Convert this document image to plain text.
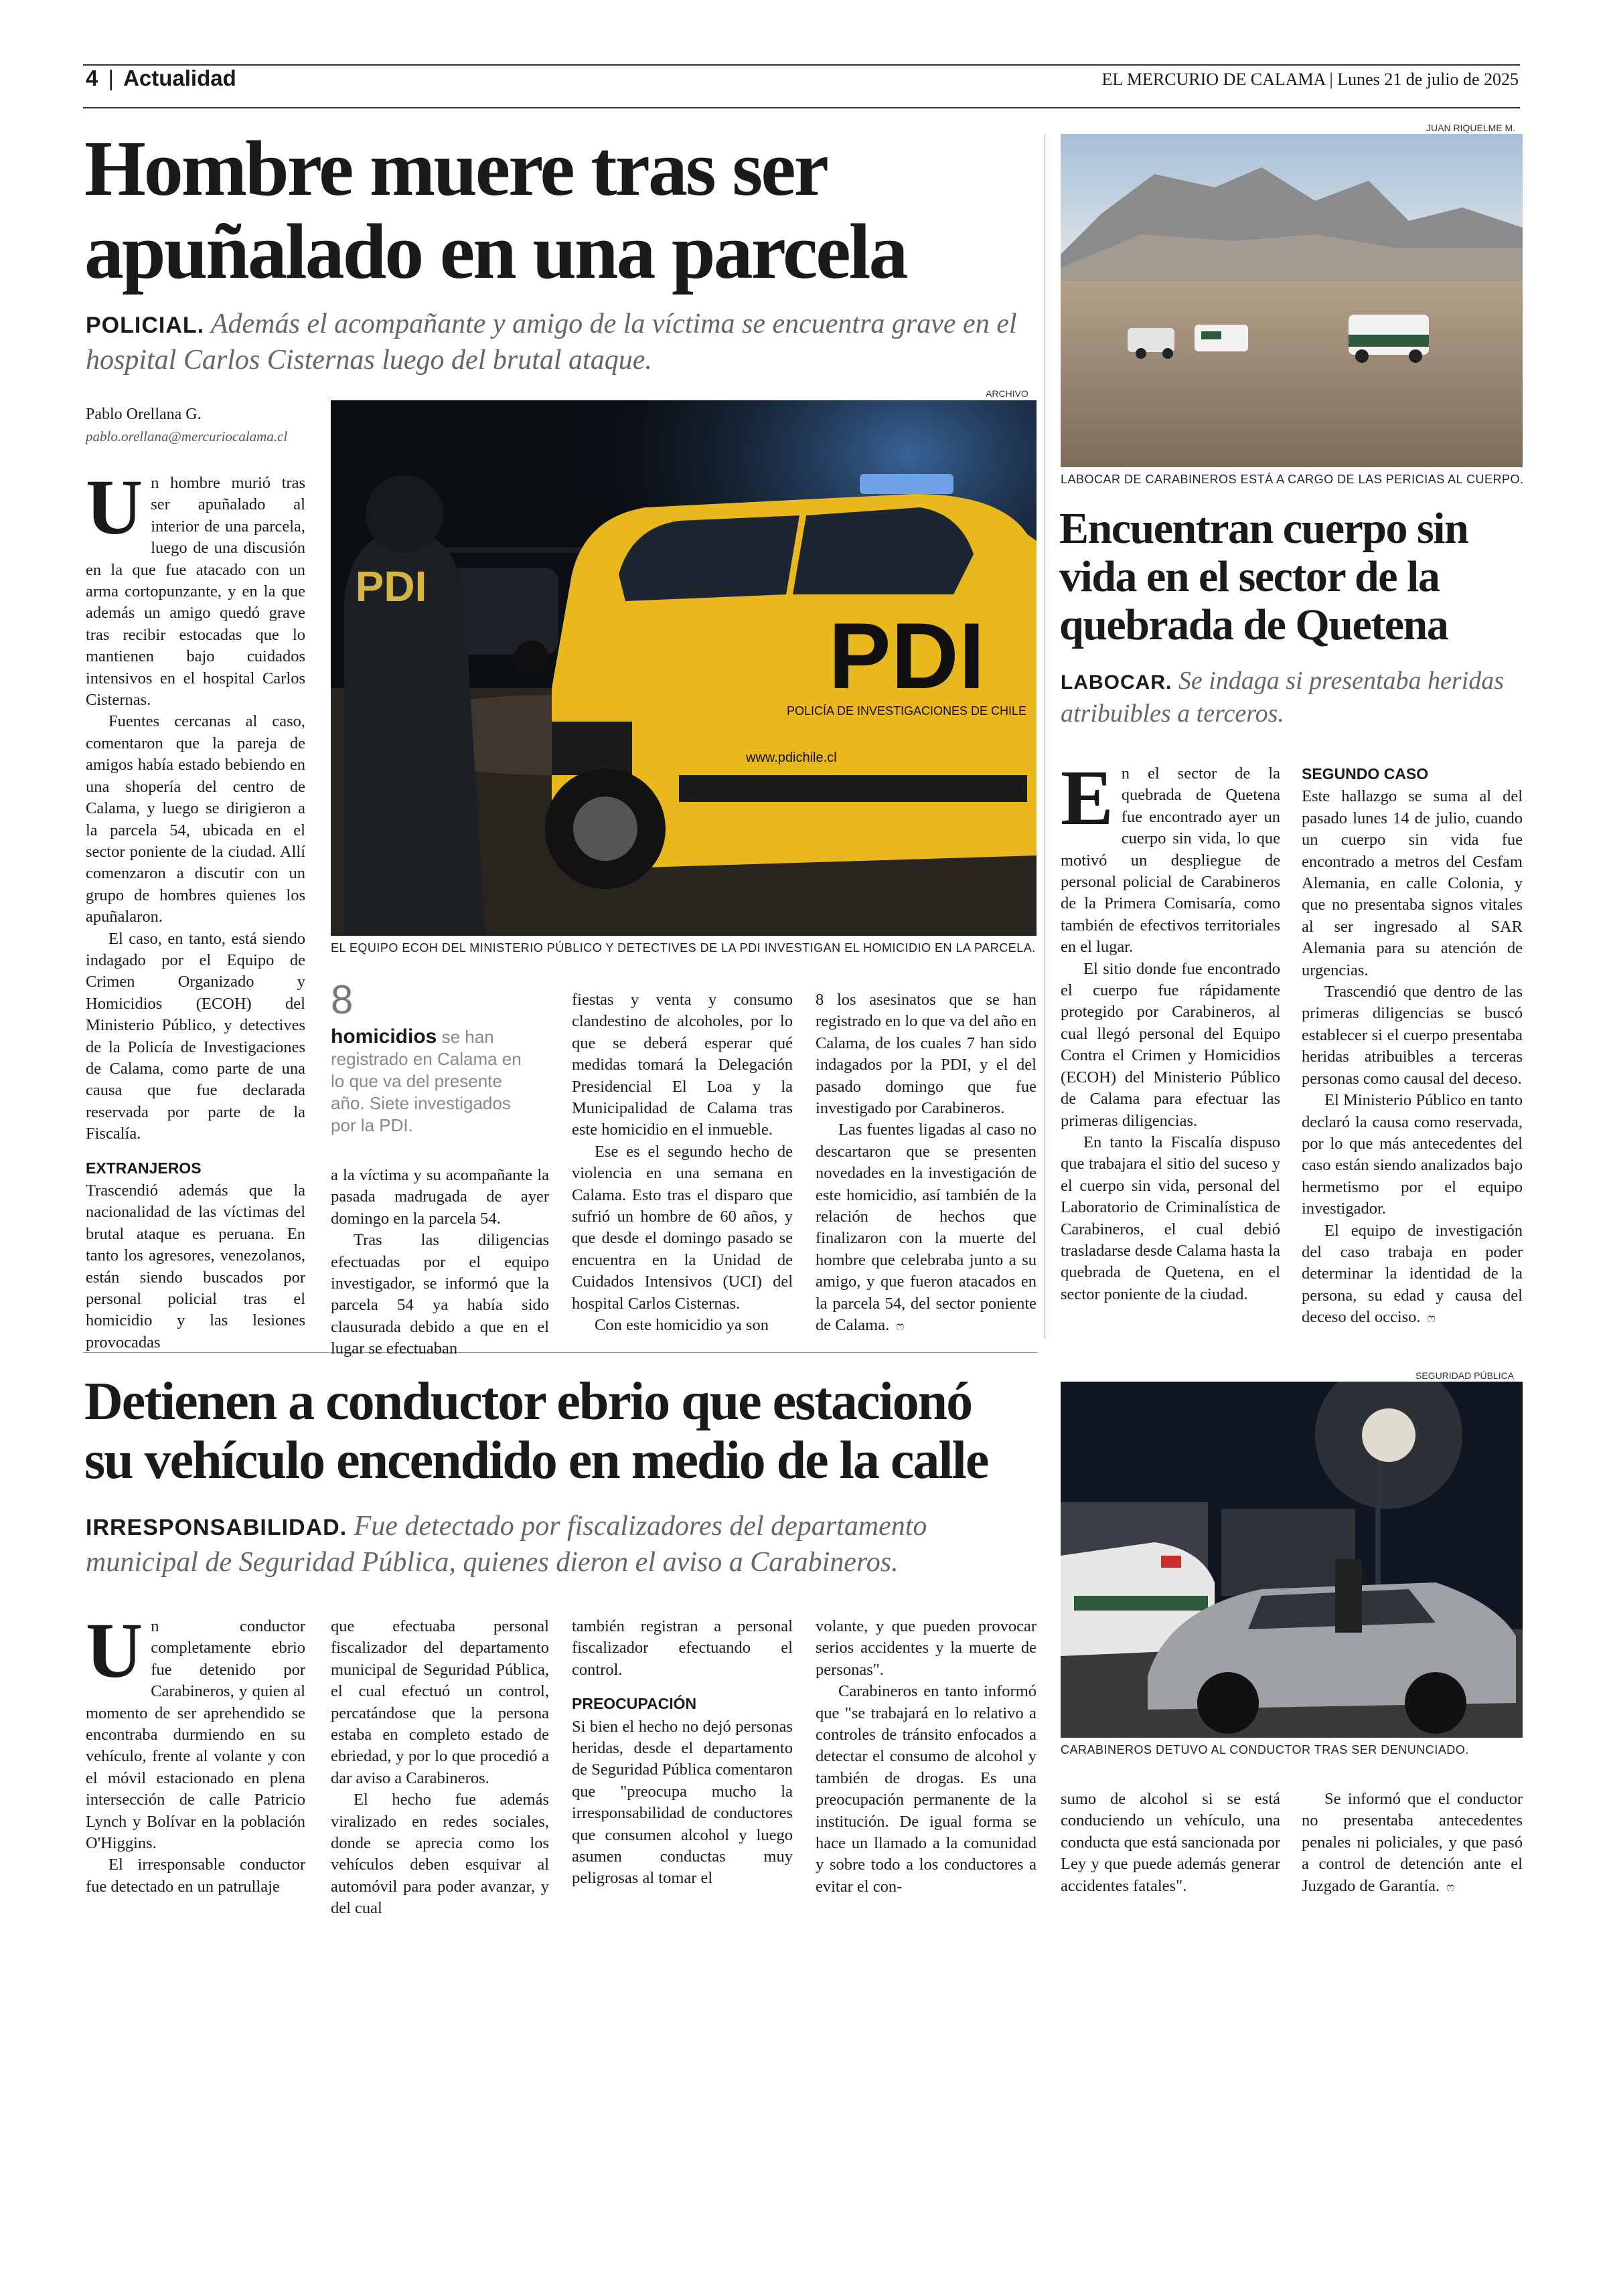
4 | Actualidad	EL MERCURIO DE CALAMA | Lunes 21 de julio de 2025
Hombre muere tras ser
apuñalado en una parcela
POLICIAL. Además el acompañante y amigo de la víctima se encuentra grave en el hospital Carlos Cisternas luego del brutal ataque.
Pablo Orellana G.
pablo.orellana@mercuriocalama.cl
ARCHIVO
PDI
POLICÍA DE INVESTIGACIONES DE CHILE
www.pdichile.cl
PDI
EL EQUIPO ECOH DEL MINISTERIO PÚBLICO Y DETECTIVES DE LA PDI INVESTIGAN EL HOMICIDIO EN LA PARCELA.

Un hombre murió tras ser apuñalado al interior de una parcela, luego de una discusión en la que fue atacado con un arma cortopunzante, y en la que además un amigo quedó grave tras recibir estocadas que lo mantienen bajo cuidados intensivos en el hospital Carlos Cisternas.

Fuentes cercanas al caso, comentaron que la pareja de amigos había estado bebiendo en una shopería del centro de Calama, y luego se dirigieron a la parcela 54, ubicada en el sector poniente de la ciudad. Allí comenzaron a discutir con un grupo de hombres quienes los apuñalaron.

El caso, en tanto, está siendo indagado por el Equipo de Crimen Organizado y Homicidios (ECOH) del Ministerio Público, y detectives de la Policía de Investigaciones de Calama, como parte de una causa que fue declarada reservada por parte de la Fiscalía.

EXTRANJEROS

Trascendió además que la nacionalidad de las víctimas del brutal ataque es peruana. En tanto los agresores, venezolanos, están siendo buscados por personal policial tras el homicidio y las lesiones provocadas

8
homicidios se han registrado en Calama en lo que va del presente año. Siete investigados por la PDI.

a la víctima y su acompañante la pasada madrugada de ayer domingo en la parcela 54.

Tras las diligencias efectuadas por el equipo investigador, se informó que la parcela 54 ya había sido clausurada debido a que en el lugar se efectuaban

fiestas y venta y consumo clandestino de alcoholes, por lo que se deberá esperar qué medidas tomará la Delegación Presidencial El Loa y la Municipalidad de Calama tras este homicidio en el inmueble.

Ese es el segundo hecho de violencia en una semana en Calama. Esto tras el disparo que sufrió un hombre de 60 años, y que desde el domingo pasado se encuentra en la Unidad de Cuidados Intensivos (UCI) del hospital Carlos Cisternas.

Con este homicidio ya son

8 los asesinatos que se han registrado en lo que va del año en Calama, de los cuales 7 han sido indagados por la PDI, y el del pasado domingo que fue investigado por Carabineros.

Las fuentes ligadas al caso no descartaron que se presenten novedades en la investigación de este homicidio, así también de la relación de hechos que finalizaron con la muerte del hombre que celebraba junto a su amigo, y que fueron atacados en la parcela 54, del sector poniente de Calama. ෆ

JUAN RIQUELME M.
LABOCAR DE CARABINEROS ESTÁ A CARGO DE LAS PERICIAS AL CUERPO.
Encuentran cuerpo sin
vida en el sector de la
quebrada de Quetena
LABOCAR. Se indaga si presentaba heridas atribuibles a terceros.

En el sector de la quebrada de Quetena fue encontrado ayer un cuerpo sin vida, lo que motivó un despliegue de personal policial de Carabineros de la Primera Comisaría, como también de efectivos territoriales en el lugar.

El sitio donde fue encontrado el cuerpo fue rápidamente protegido por Carabineros, al cual llegó personal del Equipo Contra el Crimen y Homicidios (ECOH) del Ministerio Público de Calama para efectuar las primeras diligencias.

En tanto la Fiscalía dispuso que trabajara el sitio del suceso y el cuerpo sin vida, personal del Laboratorio de Criminalística de Carabineros, el cual debió trasladarse desde Calama hasta la quebrada de Quetena, en el sector poniente de la ciudad.

SEGUNDO CASO

Este hallazgo se suma al del pasado lunes 14 de julio, cuando un cuerpo sin vida fue encontrado a metros del Cesfam Alemania, en calle Colonia, y que no presentaba signos vitales al ser ingresado al SAR Alemania para su atención de urgencias.

Trascendió que dentro de las primeras diligencias se buscó establecer si el cuerpo presentaba heridas atribuibles a terceras personas como causal del deceso.

El Ministerio Público en tanto declaró la causa como reservada, por lo que más antecedentes del caso están siendo analizados bajo hermetismo por el equipo investigador.

El equipo de investigación del caso trabaja en poder determinar la identidad de la persona, su edad y causa del deceso del occiso. ෆ

Detienen a conductor ebrio que estacionó
su vehículo encendido en medio de la calle
IRRESPONSABILIDAD. Fue detectado por fiscalizadores del departamento municipal de Seguridad Pública, quienes dieron el aviso a Carabineros.
SEGURIDAD PÚBLICA
CARABINEROS DETUVO AL CONDUCTOR TRAS SER DENUNCIADO.

Un conductor completamente ebrio fue detenido por Carabineros, y quien al momento de ser aprehendido se encontraba durmiendo en su vehículo, frente al volante y con el móvil estacionado en plena intersección de calle Patricio Lynch y Bolívar en la población O'Higgins.

El irresponsable conductor fue detectado en un patrullaje

que efectuaba personal fiscalizador del departamento municipal de Seguridad Pública, el cual efectuó un control, percatándose que la persona estaba en completo estado de ebriedad, y por lo que procedió a dar aviso a Carabineros.

El hecho fue además viralizado en redes sociales, donde se aprecia como los vehículos deben esquivar al automóvil para poder avanzar, y del cual

también registran a personal fiscalizador efectuando el control.

PREOCUPACIÓN

Si bien el hecho no dejó personas heridas, desde el departamento de Seguridad Pública comentaron que "preocupa mucho la irresponsabilidad de conductores que consumen alcohol y luego asumen conductas muy peligrosas al tomar el

volante, y que pueden provocar serios accidentes y la muerte de personas".

Carabineros en tanto informó que "se trabajará en lo relativo a controles de tránsito enfocados a detectar el consumo de alcohol y también de drogas. Es una preocupación permanente de la institución. De igual forma se hace un llamado a la comunidad y sobre todo a los conductores a evitar el con-

sumo de alcohol si se está conduciendo un vehículo, una conducta que está sancionada por Ley y que puede además generar accidentes fatales".

Se informó que el conductor no presentaba antecedentes penales ni policiales, y que pasó a control de detención ante el Juzgado de Garantía. ෆ
